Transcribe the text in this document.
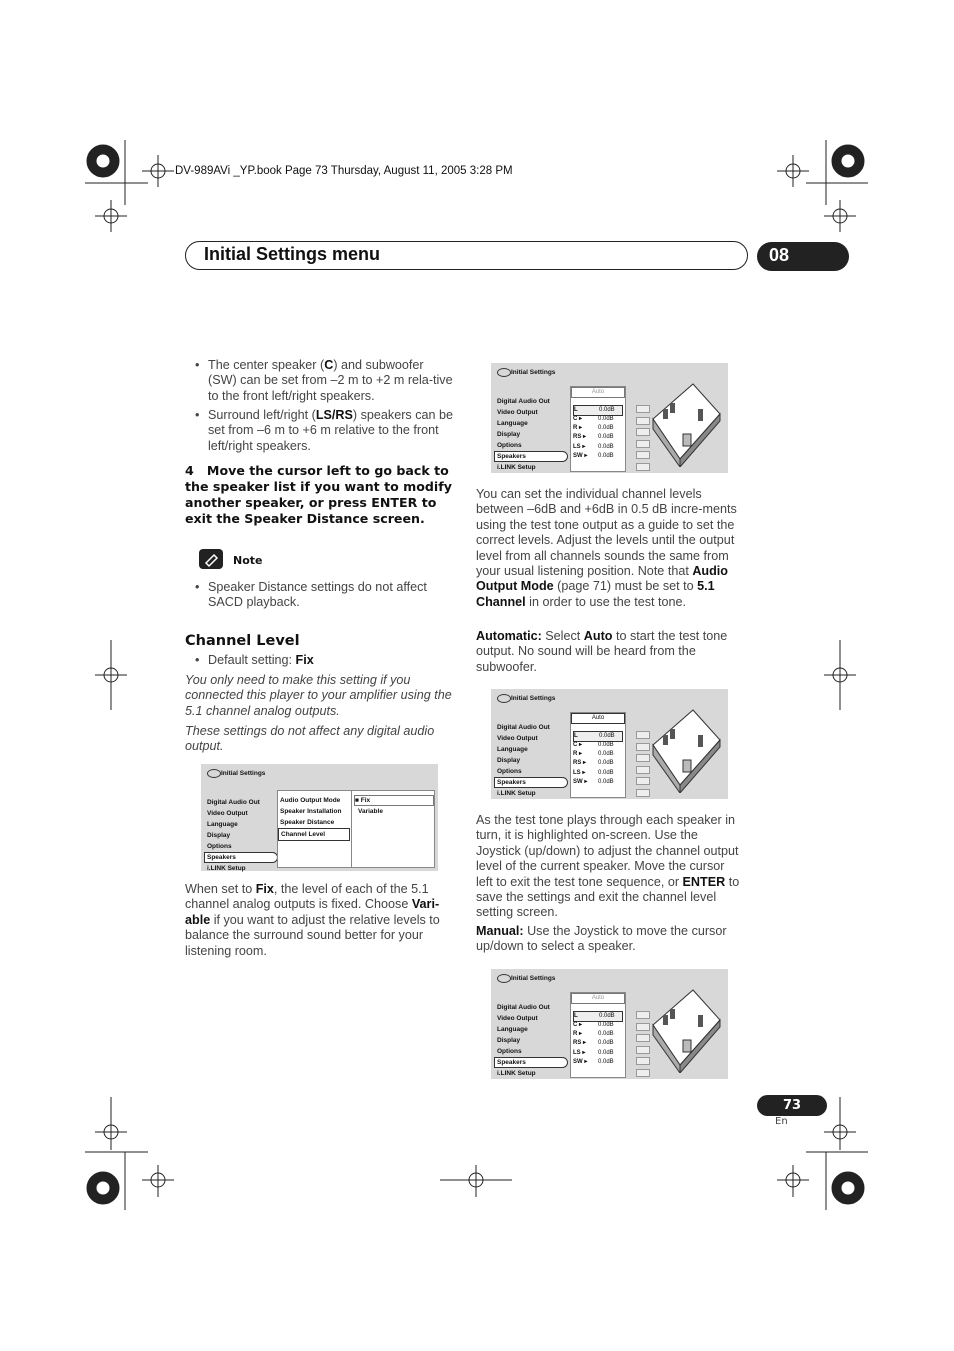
DV-989AVi _YP.book Page 73 Thursday, August 11, 2005 3:28 PM
Initial Settings menu	08
• The center speaker (C) and subwoofer (SW) can be set from –2 m to +2 m rela-tive to the front left/right speakers.
• Surround left/right (LS/RS) speakers can be set from –6 m to +6 m relative to the front left/right speakers.
4 Move the cursor left to go back to the speaker list if you want to modify another speaker, or press ENTER to exit the Speaker Distance screen.
Note
• Speaker Distance settings do not affect SACD playback.
Channel Level
• Default setting: Fix
You only need to make this setting if you connected this player to your amplifier using the 5.1 channel analog outputs.
These settings do not affect any digital audio output.
Initial Settings
Digital Audio Out
Video Output
Language
Display
Options
Speakers
i.LINK Setup
Audio Output Mode
Speaker Installation
Speaker Distance
Channel Level
■ Fix
Variable
When set to Fix, the level of each of the 5.1 channel analog outputs is fixed. Choose Vari-able if you want to adjust the relative levels to balance the surround sound better for your listening room.
Initial Settings
Digital Audio Out
Video Output
Language
Display
Options
Speakers
i.LINK Setup
Auto
L	0.0dB
C ▸	0.0dB
R ▸	0.0dB
RS ▸ 0.0dB
LS ▸ 0.0dB
SW ▸ 0.0dB
You can set the individual channel levels between –6dB and +6dB in 0.5 dB incre-ments using the test tone output as a guide to set the correct levels. Adjust the levels until the output level from all channels sounds the same from your usual listening position. Note that Audio Output Mode (page 71) must be set to 5.1 Channel in order to use the test tone.
Automatic: Select Auto to start the test tone output. No sound will be heard from the subwoofer.
Initial Settings
Digital Audio Out
Video Output
Language
Display
Options
Speakers
i.LINK Setup
Auto
L	0.0dB
C ▸	0.0dB
R ▸	0.0dB
RS ▸ 0.0dB
LS ▸ 0.0dB
SW ▸ 0.0dB
As the test tone plays through each speaker in turn, it is highlighted on-screen. Use the Joystick (up/down) to adjust the channel output level of the current speaker. Move the cursor left to exit the test tone sequence, or ENTER to save the settings and exit the channel level setting screen.
Manual: Use the Joystick to move the cursor up/down to select a speaker.
Initial Settings
Digital Audio Out
Video Output
Language
Display
Options
Speakers
i.LINK Setup
Auto
L	0.0dB
C ▸	0.0dB
R ▸	0.0dB
RS ▸ 0.0dB
LS ▸ 0.0dB
SW ▸ 0.0dB
73
En
